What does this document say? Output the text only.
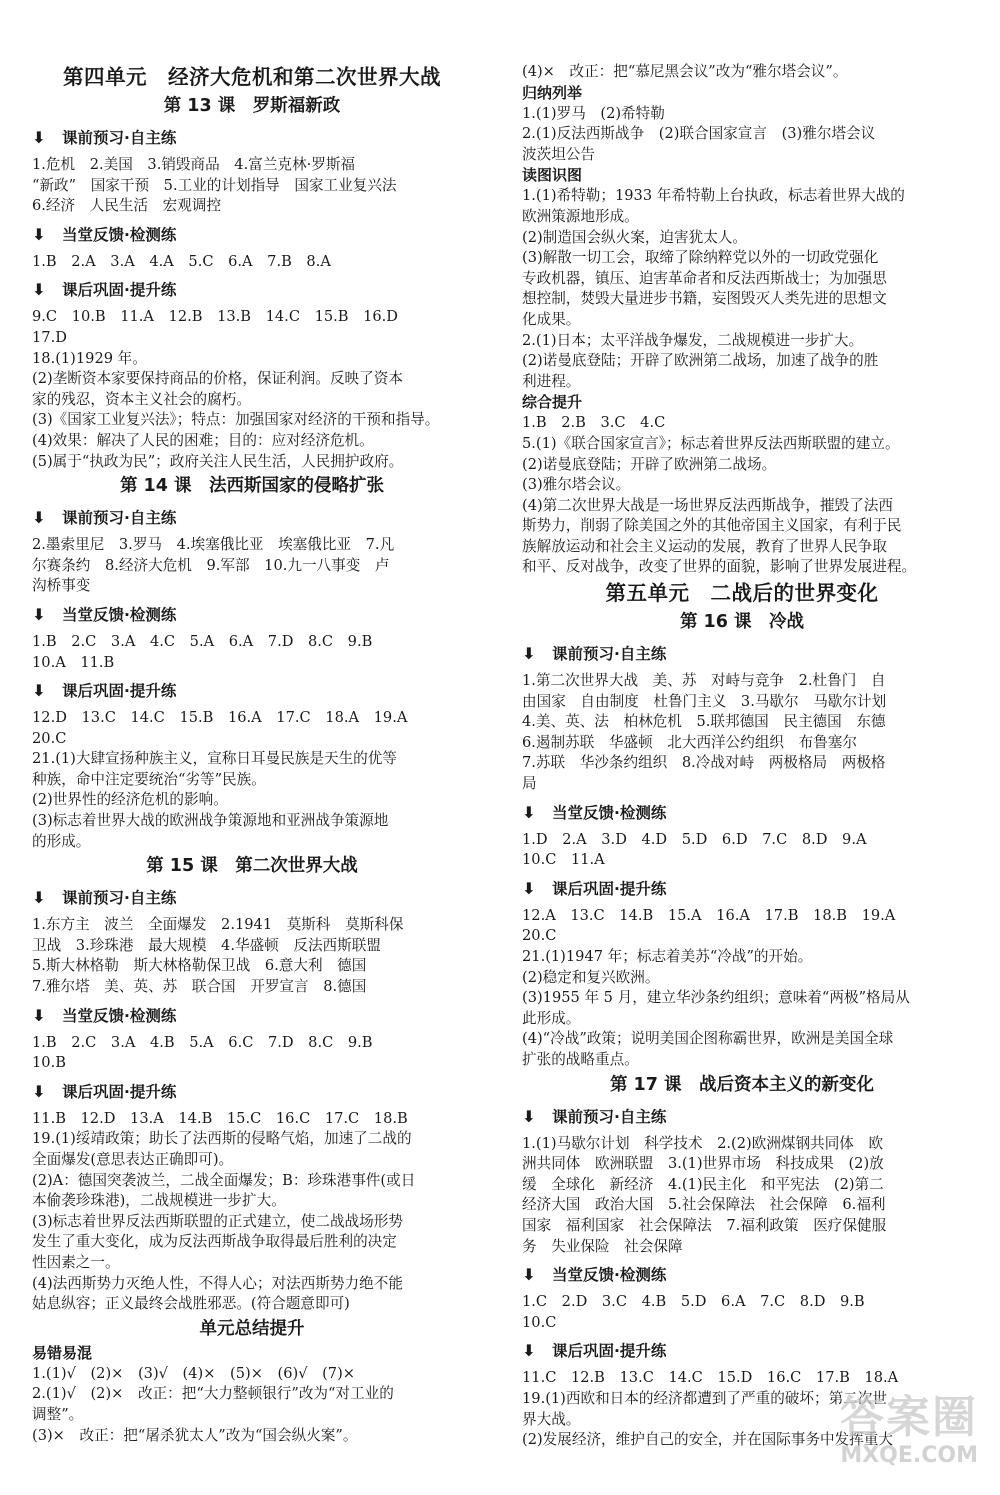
第四单元　经济大危机和第二次世界大战
第 13 课　罗斯福新政
⬇ 课前预习·自主练
1.危机　2.美国　3.销毁商品　4.富兰克林·罗斯福
“新政”　国家干预　5.工业的计划指导　国家工业复兴法
6.经济　人民生活　宏观调控
⬇ 当堂反馈·检测练
1.B　2.A　3.A　4.A　5.C　6.A　7.B　8.A
⬇ 课后巩固·提升练
9.C　10.B　11.A　12.B　13.B　14.C　15.B　16.D
17.D
18.(1)1929 年。
(2)垄断资本家要保持商品的价格，保证利润。反映了资本
家的残忍，资本主义社会的腐朽。
(3)《国家工业复兴法》；特点：加强国家对经济的干预和指导。
(4)效果：解决了人民的困难；目的：应对经济危机。
(5)属于“执政为民”；政府关注人民生活，人民拥护政府。
第 14 课　法西斯国家的侵略扩张
⬇ 课前预习·自主练
2.墨索里尼　3.罗马　4.埃塞俄比亚　埃塞俄比亚　7.凡
尔赛条约　8.经济大危机　9.军部　10.九一八事变　卢
沟桥事变
⬇ 当堂反馈·检测练
1.B　2.C　3.A　4.C　5.A　6.A　7.D　8.C　9.B
10.A　11.B
⬇ 课后巩固·提升练
12.D　13.C　14.C　15.B　16.A　17.C　18.A　19.A
20.C
21.(1)大肆宣扬种族主义，宣称日耳曼民族是天生的优等
种族，命中注定要统治“劣等”民族。
(2)世界性的经济危机的影响。
(3)标志着世界大战的欧洲战争策源地和亚洲战争策源地
的形成。
第 15 课　第二次世界大战
⬇ 课前预习·自主练
1.东方主　波兰　全面爆发　2.1941　莫斯科　莫斯科保
卫战　3.珍珠港　最大规模　4.华盛顿　反法西斯联盟
5.斯大林格勒　斯大林格勒保卫战　6.意大利　德国
7.雅尔塔　美、英、苏　联合国　开罗宣言　8.德国
⬇ 当堂反馈·检测练
1.B　2.C　3.A　4.B　5.A　6.C　7.D　8.C　9.B
10.B
⬇ 课后巩固·提升练
11.B　12.D　13.A　14.B　15.C　16.C　17.C　18.B
19.(1)绥靖政策；助长了法西斯的侵略气焰，加速了二战的
全面爆发(意思表达正确即可)。
(2)A：德国突袭波兰，二战全面爆发；B：珍珠港事件(或日
本偷袭珍珠港)，二战规模进一步扩大。
(3)标志着世界反法西斯联盟的正式建立，使二战战场形势
发生了重大变化，成为反法西斯战争取得最后胜利的决定
性因素之一。
(4)法西斯势力灭绝人性，不得人心；对法西斯势力绝不能
姑息纵容；正义最终会战胜邪恶。(符合题意即可)
单元总结提升
易错易混
1.(1)√　(2)×　(3)√　(4)×　(5)×　(6)√　(7)×
2.(1)√　(2)×　改正：把“大力整顿银行”改为“对工业的
调整”。
(3)×　改正：把“屠杀犹太人”改为“国会纵火案”。
(4)×　改正：把“慕尼黑会议”改为“雅尔塔会议”。
归纳列举
1.(1)罗马　(2)希特勒
2.(1)反法西斯战争　(2)联合国家宣言　(3)雅尔塔会议
波茨坦公告
读图识图
1.(1)希特勒；1933 年希特勒上台执政，标志着世界大战的
欧洲策源地形成。
(2)制造国会纵火案，迫害犹太人。
(3)解散一切工会，取缔了除纳粹党以外的一切政党强化
专政机器，镇压、迫害革命者和反法西斯战士；为加强思
想控制，焚毁大量进步书籍，妄图毁灭人类先进的思想文
化成果。
2.(1)日本；太平洋战争爆发，二战规模进一步扩大。
(2)诺曼底登陆；开辟了欧洲第二战场，加速了战争的胜
利进程。
综合提升
1.B　2.B　3.C　4.C
5.(1)《联合国家宣言》；标志着世界反法西斯联盟的建立。
(2)诺曼底登陆；开辟了欧洲第二战场。
(3)雅尔塔会议。
(4)第二次世界大战是一场世界反法西斯战争，摧毁了法西
斯势力，削弱了除美国之外的其他帝国主义国家，有利于民
族解放运动和社会主义运动的发展，教育了世界人民争取
和平、反对战争，改变了世界的面貌，影响了世界发展进程。
第五单元　二战后的世界变化
第 16 课　冷战
⬇ 课前预习·自主练
1.第二次世界大战　美、苏　对峙与竞争　2.杜鲁门　自
由国家　自由制度　杜鲁门主义　3.马歇尔　马歇尔计划
4.美、英、法　柏林危机　5.联邦德国　民主德国　东德
6.遏制苏联　华盛顿　北大西洋公约组织　布鲁塞尔
7.苏联　华沙条约组织　8.冷战对峙　两极格局　两极格
局
⬇ 当堂反馈·检测练
1.D　2.A　3.D　4.D　5.D　6.D　7.C　8.D　9.A
10.C　11.A
⬇ 课后巩固·提升练
12.A　13.C　14.B　15.A　16.A　17.B　18.B　19.A
20.C
21.(1)1947 年；标志着美苏“冷战”的开始。
(2)稳定和复兴欧洲。
(3)1955 年 5 月，建立华沙条约组织；意味着“两极”格局从
此形成。
(4)“冷战”政策；说明美国企图称霸世界，欧洲是美国全球
扩张的战略重点。
第 17 课　战后资本主义的新变化
⬇ 课前预习·自主练
1.(1)马歇尔计划　科学技术　2.(2)欧洲煤钢共同体　欧
洲共同体　欧洲联盟　3.(1)世界市场　科技成果　(2)放
缓　全球化　新经济　4.(1)民主化　和平宪法　(2)第二
经济大国　政治大国　5.社会保障法　社会保障　6.福利
国家　福利国家　社会保障法　7.福利政策　医疗保健服
务　失业保险　社会保障
⬇ 当堂反馈·检测练
1.C　2.D　3.C　4.B　5.D　6.A　7.C　8.D　9.B
10.C
⬇ 课后巩固·提升练
11.C　12.B　13.C　14.C　15.D　16.C　17.B　18.A
19.(1)西欧和日本的经济都遭到了严重的破坏；第二次世
界大战。
(2)发展经济，维护自己的安全，并在国际事务中发挥重大
答案圈
MXQE.COM
